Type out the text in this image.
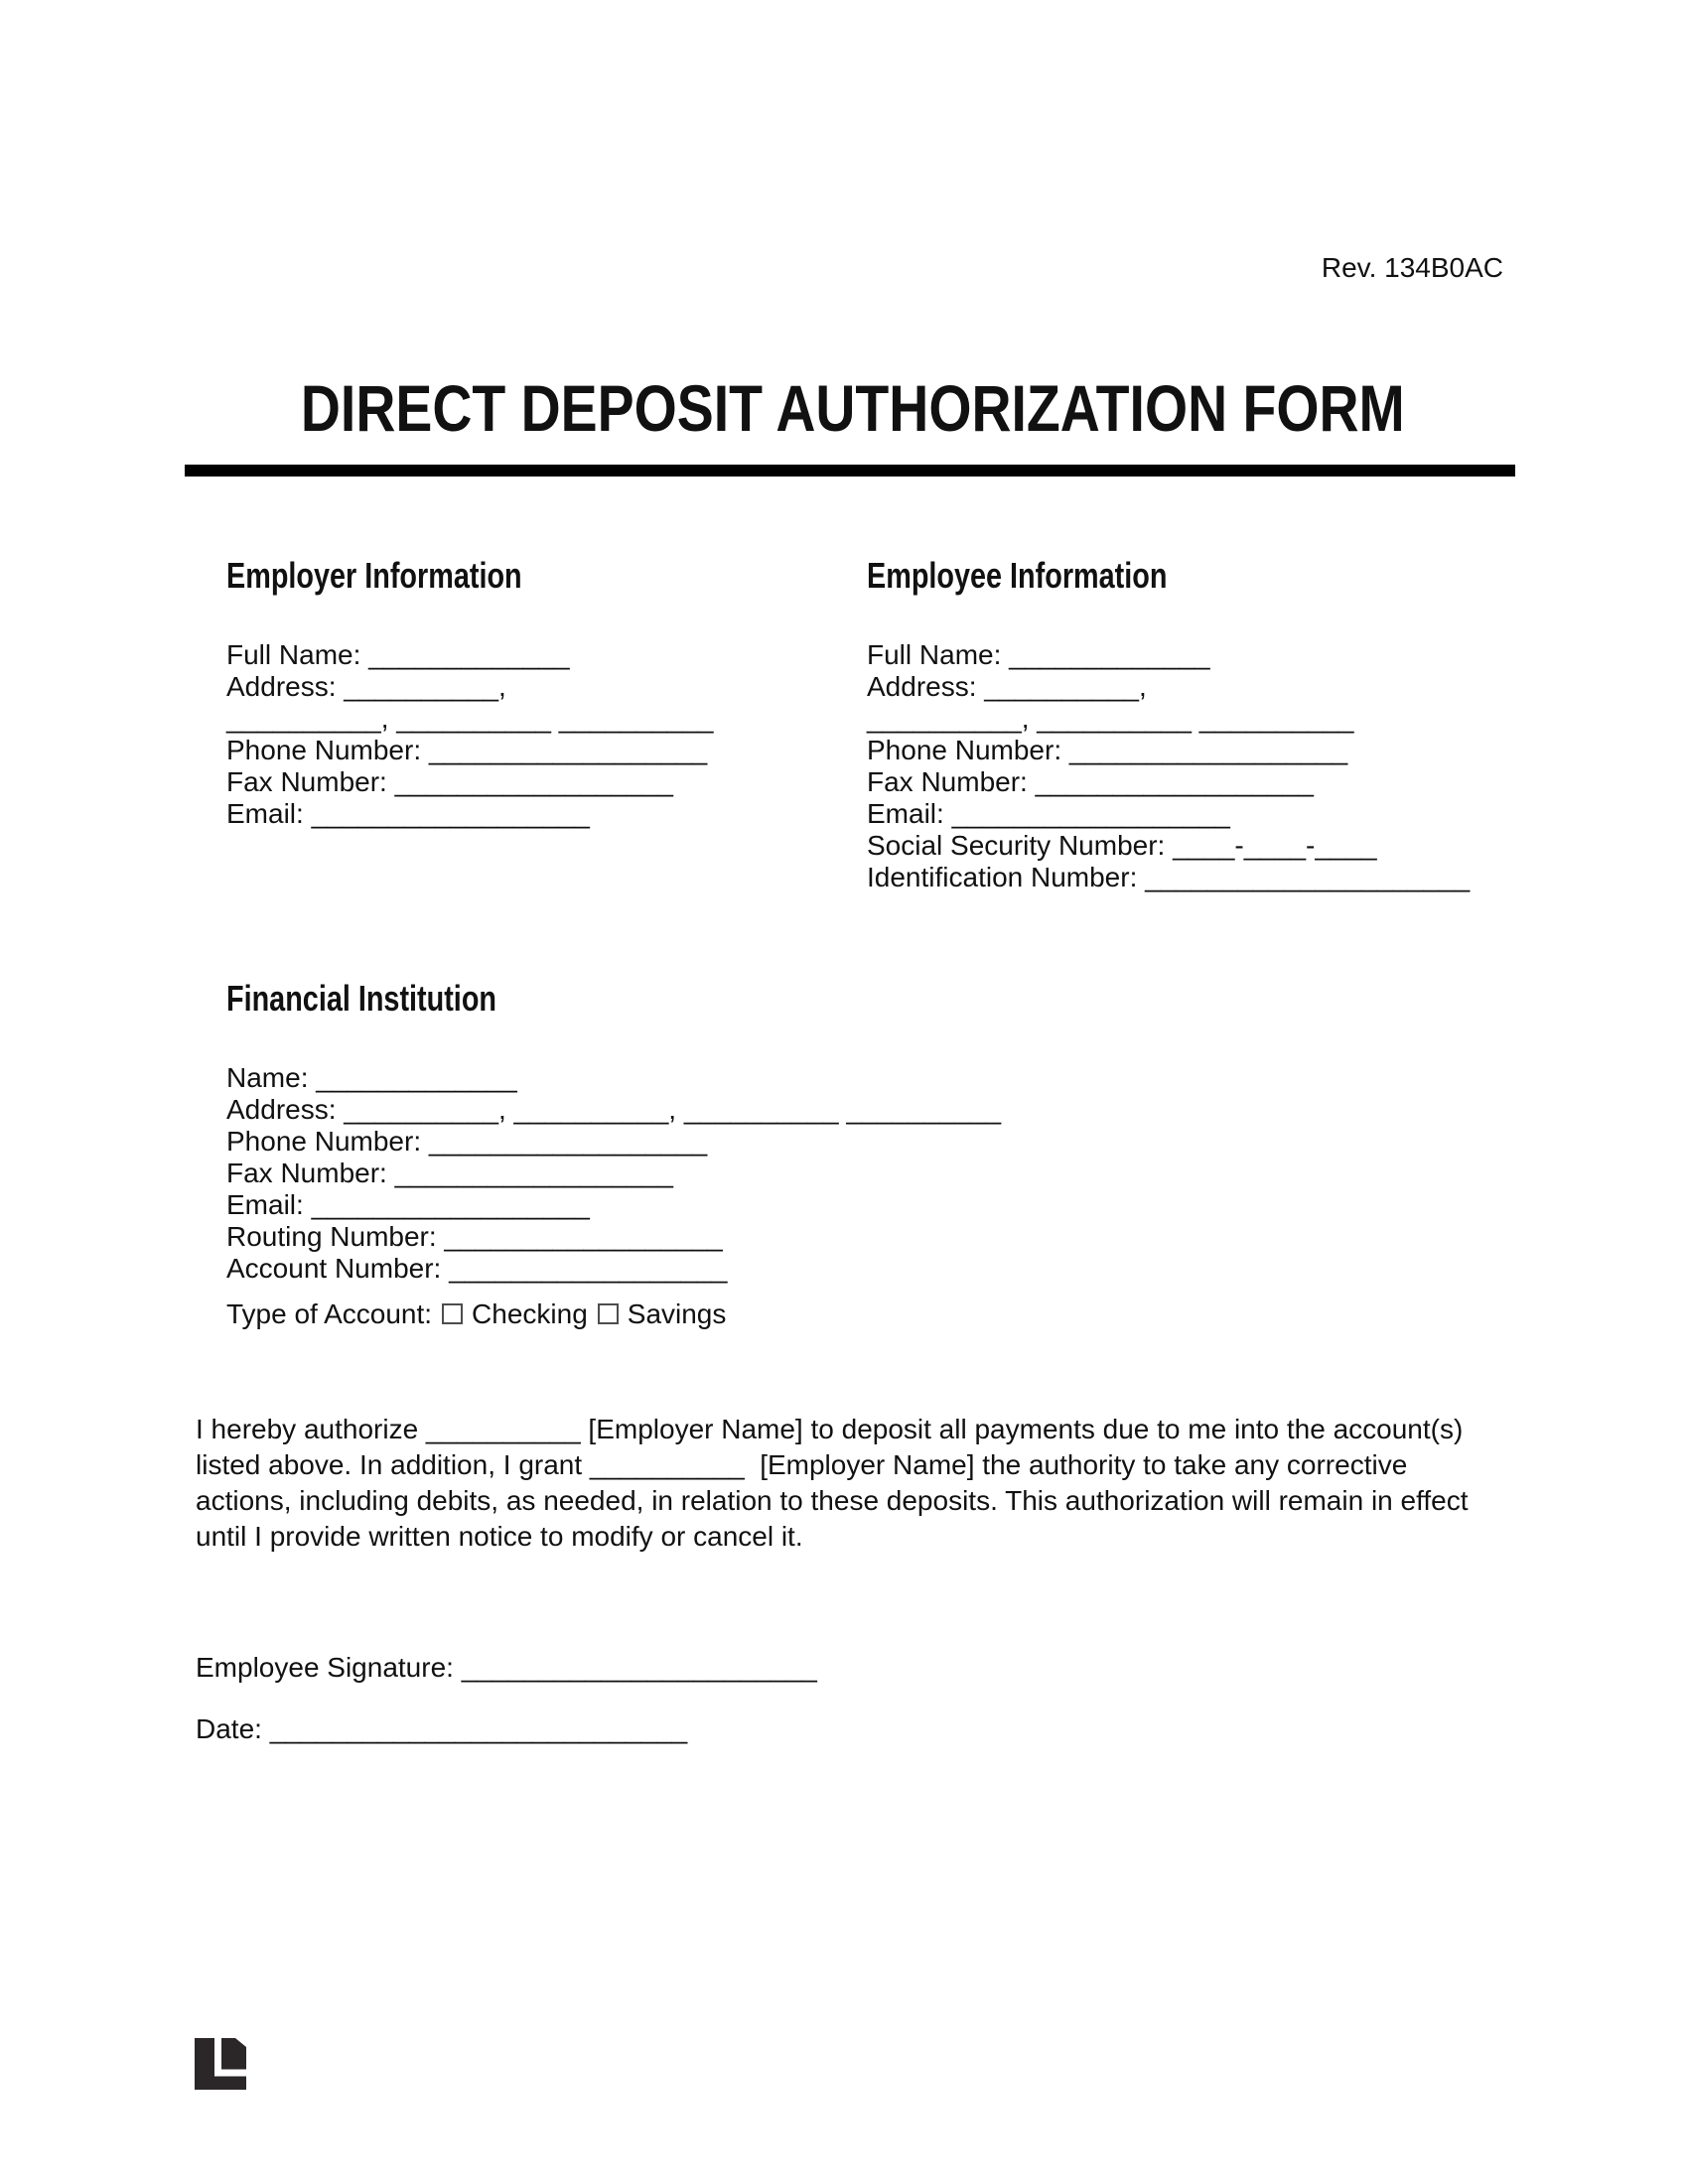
Rev. 134B0AC
DIRECT DEPOSIT AUTHORIZATION FORM
Employer Information
Full Name: _____________
Address: __________,
__________, __________ __________
Phone Number: __________________
Fax Number: __________________
Email: __________________
Employee Information
Full Name: _____________
Address: __________,
__________, __________ __________
Phone Number: __________________
Fax Number: __________________
Email: __________________
Social Security Number: ____-____-____
Identification Number: _____________________
Financial Institution
Name: _____________
Address: __________, __________, __________ __________
Phone Number: __________________
Fax Number: __________________
Email: __________________
Routing Number: __________________
Account Number: __________________
Type of Account: Checking Savings
I hereby authorize __________ [Employer Name] to deposit all payments due to me into the account(s)
listed above. In addition, I grant __________  [Employer Name] the authority to take any corrective
actions, including debits, as needed, in relation to these deposits. This authorization will remain in effect
until I provide written notice to modify or cancel it.
Employee Signature: _______________________
Date: ___________________________
